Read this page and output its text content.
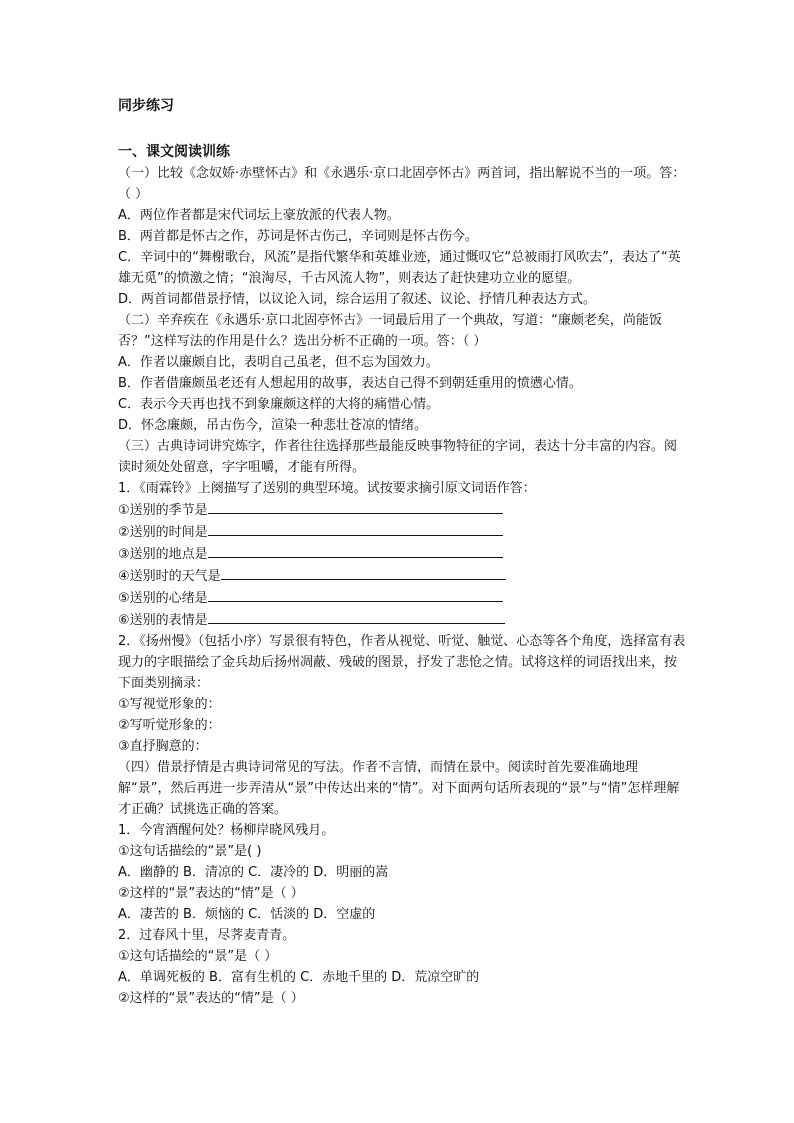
同步练习

一、课文阅读训练

（一）比较《念奴娇·赤壁怀古》和《永遇乐·京口北固亭怀古》两首词，指出解说不当的一项。答：（ ）

A．两位作者都是宋代词坛上豪放派的代表人物。

B．两首都是怀古之作，苏词是怀古伤己，辛词则是怀古伤今。

C．辛词中的“舞榭歌台，风流”是指代繁华和英雄业迹，通过慨叹它“总被雨打风吹去”，表达了“英雄无觅”的愤激之情；“浪淘尽，千古风流人物”，则表达了赶快建功立业的愿望。

D．两首词都借景抒情，以议论入词，综合运用了叙述、议论、抒情几种表达方式。

（二）辛弃疾在《永遇乐·京口北固亭怀古》一词最后用了一个典故，写道：“廉颇老矣，尚能饭否？”这样写法的作用是什么？选出分析不正确的一项。答：（ ）

A．作者以廉颇自比，表明自己虽老，但不忘为国效力。

B．作者借廉颇虽老还有人想起用的故事，表达自己得不到朝廷重用的愤懑心情。

C．表示今天再也找不到象廉颇这样的大将的痛惜心情。

D．怀念廉颇，吊古伤今，渲染一种悲壮苍凉的情绪。

（三）古典诗词讲究炼字，作者往往选择那些最能反映事物特征的字词，表达十分丰富的内容。阅读时须处处留意，字字咀嚼，才能有所得。

1．《雨霖铃》上阕描写了送别的典型环境。试按要求摘引原文词语作答：

①送别的季节是

②送别的时间是

③送别的地点是

④送别时的天气是

⑤送别的心绪是

⑥送别的表情是

2．《扬州慢》（包括小序）写景很有特色，作者从视觉、听觉、触觉、心态等各个角度，选择富有表现力的字眼描绘了金兵劫后扬州凋蔽、残破的图景，抒发了悲怆之情。试将这样的词语找出来，按下面类别摘录：

①写视觉形象的：

②写听觉形象的：

③直抒胸意的：

（四）借景抒情是古典诗词常见的写法。作者不言情，而情在景中。阅读时首先要准确地理解“景”，然后再进一步弄清从“景”中传达出来的“情”。对下面两句话所表现的“景”与“情”怎样理解才正确？试挑选正确的答案。

1．今宵酒醒何处？杨柳岸晓风残月。

①这句话描绘的“景”是( )

A．幽静的 B．清凉的 C．凄冷的 D．明丽的嵩

②这样的“景”表达的“情”是（ ）

A．凄苦的 B．烦恼的 C．恬淡的 D．空虚的

2．过春风十里，尽荠麦青青。

①这句话描绘的“景”是（ ）

A．单调死板的 B．富有生机的 C．赤地千里的 D．荒凉空旷的

②这样的“景”表达的“情”是（ ）
